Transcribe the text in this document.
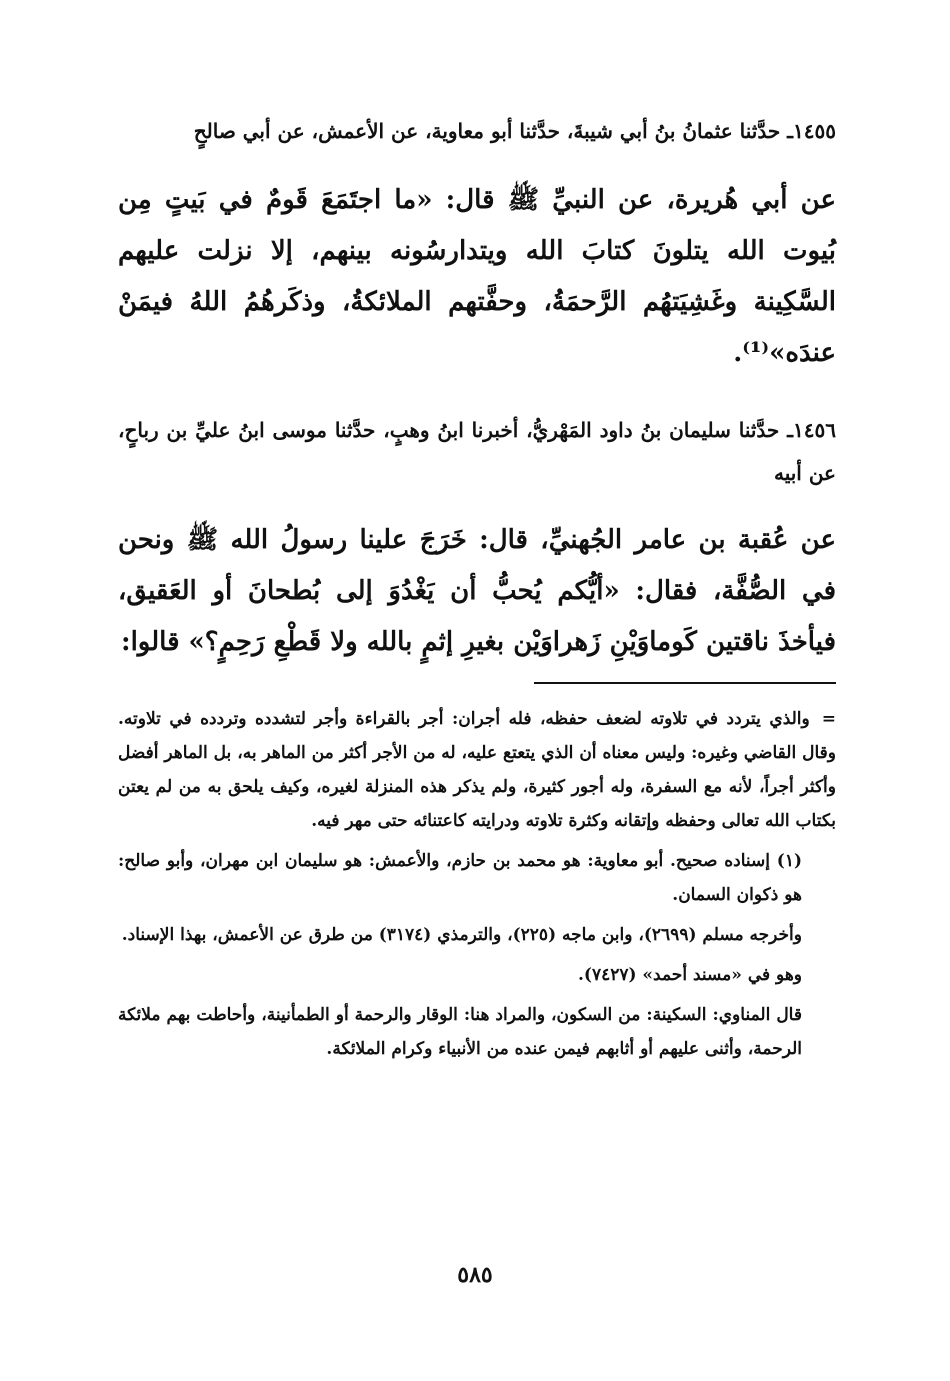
١٤٥٥ـ حدَّثنا عثمانُ بنُ أبي شيبةَ، حدَّثنا أبو معاوية، عن الأعمش، عن أبي صالحٍ

عن أبي هُريرة، عن النبيِّ ﷺ قال: «ما اجتَمَعَ قَومٌ في بَيتٍ مِن بُيوت الله يتلونَ كتابَ الله ويتدارسُونه بينهم، إلا نزلت عليهم السَّكِينة وغَشِيَتهُم الرَّحمَةُ، وحفَّتهم الملائكةُ، وذكَرهُمُ اللهُ فيمَنْ عندَه»⁽¹⁾.

١٤٥٦ـ حدَّثنا سليمان بنُ داود المَهْريُّ، أخبرنا ابنُ وهبٍ، حدَّثنا موسى ابنُ عليِّ بن رباحٍ، عن أبيه

عن عُقبة بن عامر الجُهنيِّ، قال: خَرَجَ علينا رسولُ الله ﷺ ونحن في الصُّفَّة، فقال: «أيُّكم يُحبُّ أن يَغْدُوَ إلى بُطحانَ أو العَقيق، فيأخذَ ناقتين كَوماوَيْنِ زَهراوَيْن بغيرِ إثمٍ بالله ولا قَطْعِ رَحِمٍ؟» قالوا:

=والذي يتردد في تلاوته لضعف حفظه، فله أجران: أجر بالقراءة وأجر لتشدده وتردده في تلاوته. وقال القاضي وغيره: وليس معناه أن الذي يتعتع عليه، له من الأجر أكثر من الماهر به، بل الماهر أفضل وأكثر أجراً، لأنه مع السفرة، وله أجور كثيرة، ولم يذكر هذه المنزلة لغيره، وكيف يلحق به من لم يعتن بكتاب الله تعالى وحفظه وإتقانه وكثرة تلاوته ودرايته كاعتنائه حتى مهر فيه.

(١) إسناده صحيح. أبو معاوية: هو محمد بن حازم، والأعمش: هو سليمان ابن مهران، وأبو صالح: هو ذكوان السمان.

وأخرجه مسلم (٢٦٩٩)، وابن ماجه (٢٢٥)، والترمذي (٣١٧٤) من طرق عن الأعمش، بهذا الإسناد.

وهو في «مسند أحمد» (٧٤٢٧).

قال المناوي: السكينة: من السكون، والمراد هنا: الوقار والرحمة أو الطمأنينة، وأحاطت بهم ملائكة الرحمة، وأثنى عليهم أو أثابهم فيمن عنده من الأنبياء وكرام الملائكة.

٥٨٥
